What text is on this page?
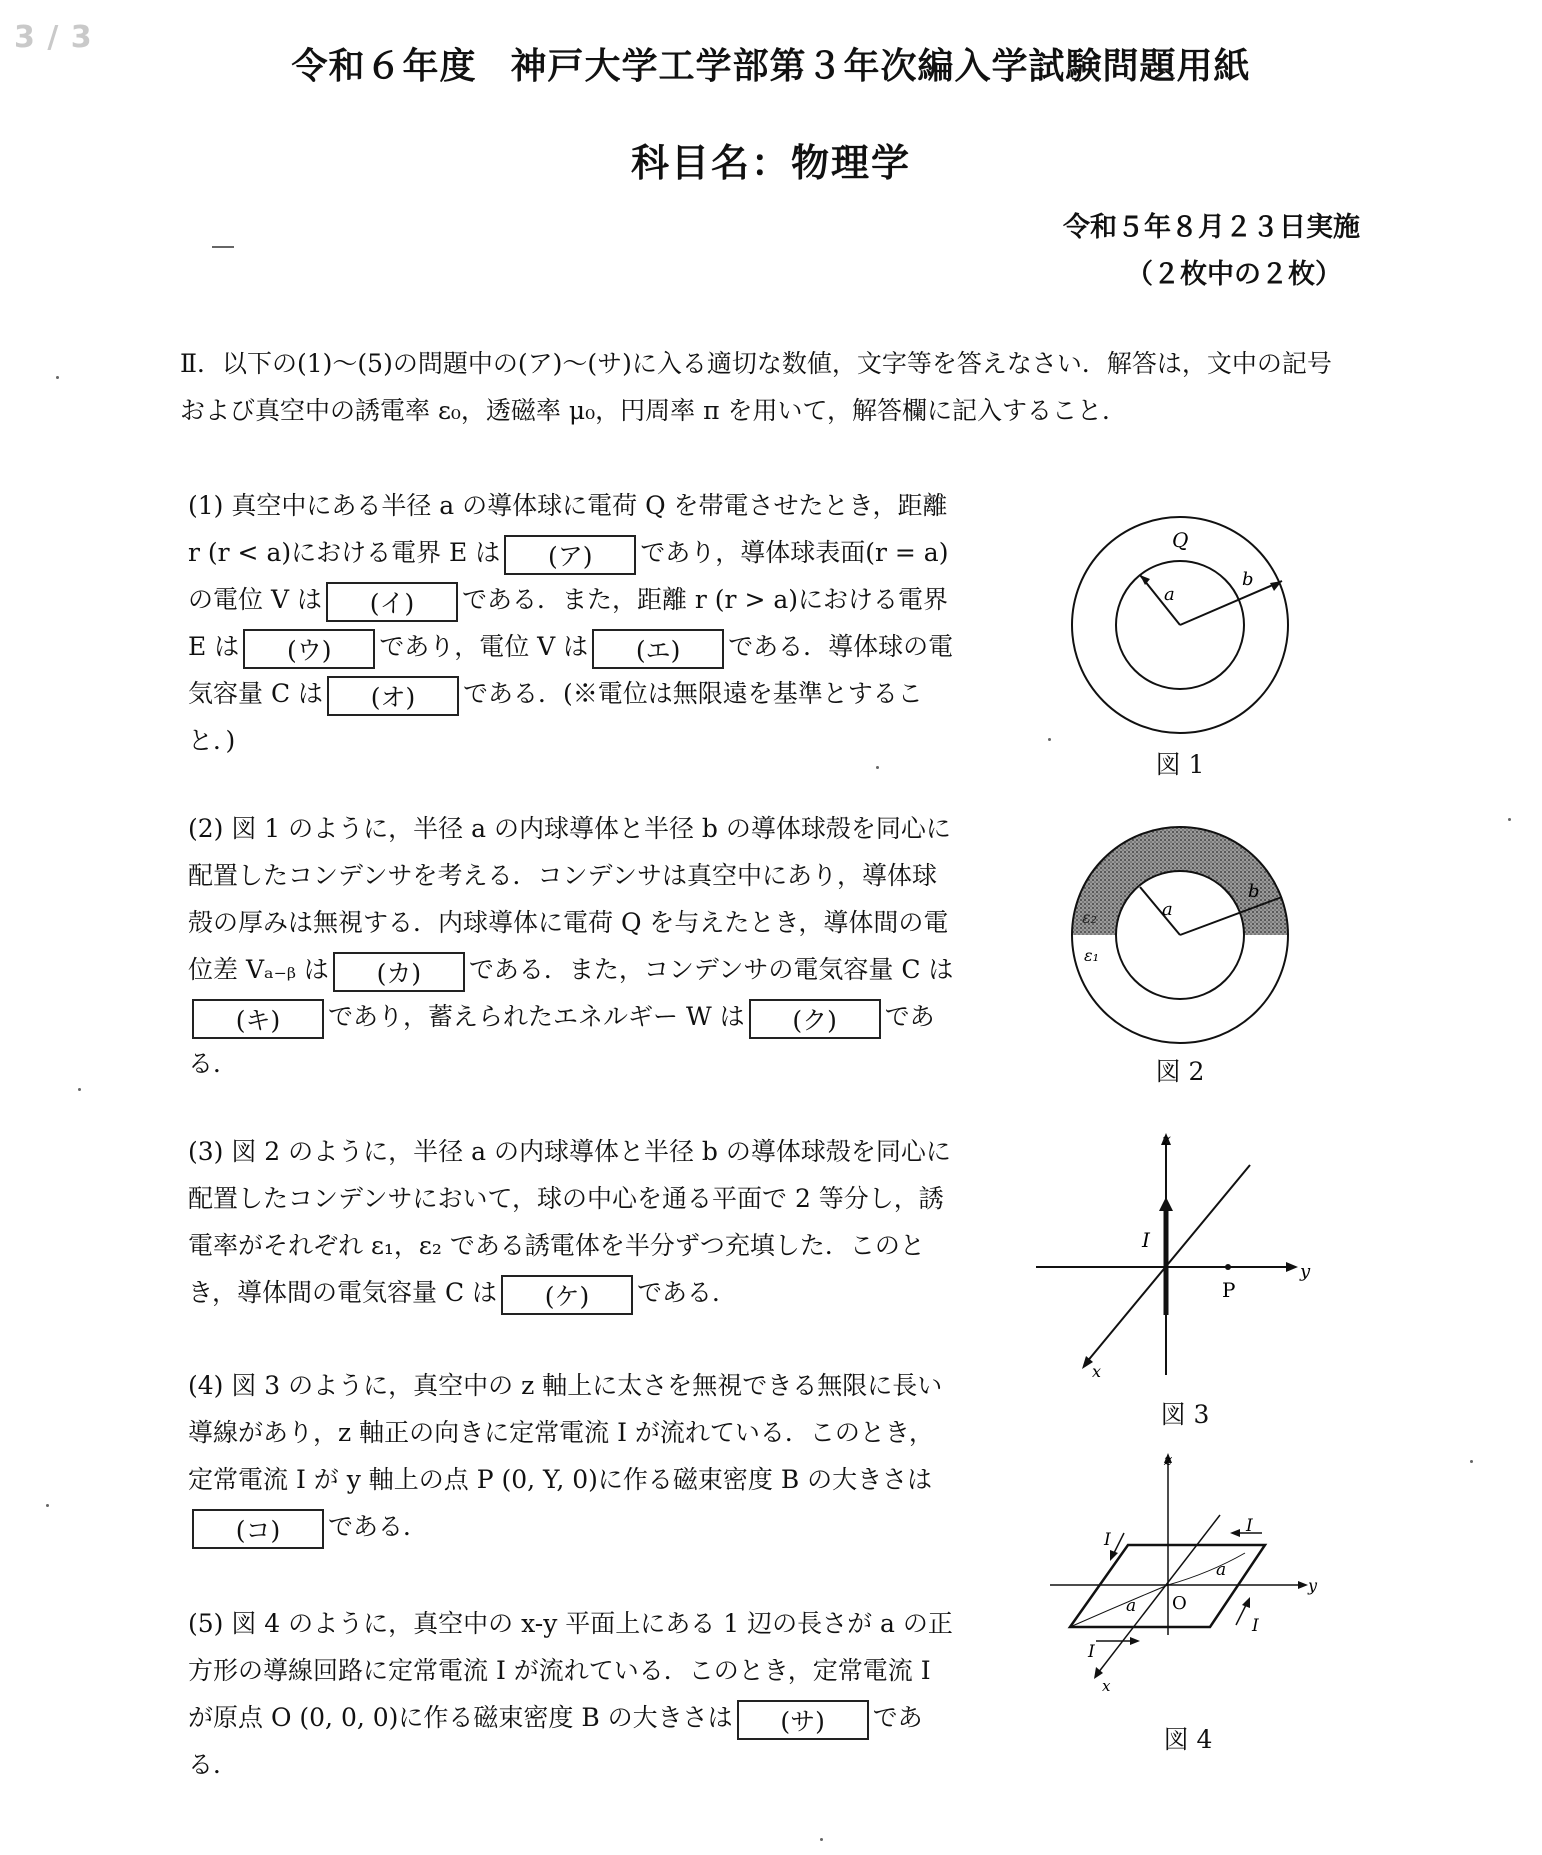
3 / 3
令和６年度 神戸大学工学部第３年次編入学試験問題用紙
科目名：物理学
令和５年８月２３日実施
（２枚中の２枚）
Ⅱ．以下の(1)～(5)の問題中の(ア)～(サ)に入る適切な数値，文字等を答えなさい．解答は，文中の記号および真空中の誘電率 ε₀，透磁率 μ₀，円周率 π を用いて，解答欄に記入すること．
(1) 真空中にある半径 a の導体球に電荷 Q を帯電させたとき，距離 r (r < a)における電界 E は (ア) であり，導体球表面(r = a)の電位 V は (イ) である．また，距離 r (r > a)における電界 E は (ウ) であり，電位 V は (エ) である．導体球の電気容量 C は (オ) である．(※電位は無限遠を基準とすること．)
(2) 図 1 のように，半径 a の内球導体と半径 b の導体球殻を同心に配置したコンデンサを考える．コンデンサは真空中にあり，導体球殻の厚みは無視する．内球導体に電荷 Q を与えたとき，導体間の電位差 Vₐ₋ᵦ は (カ) である．また，コンデンサの電気容量 C は(キ) であり，蓄えられたエネルギー W は (ク) である．
(3) 図 2 のように，半径 a の内球導体と半径 b の導体球殻を同心に配置したコンデンサにおいて，球の中心を通る平面で 2 等分し，誘電率がそれぞれ ε₁，ε₂ である誘電体を半分ずつ充填した．このとき，導体間の電気容量 C は (ケ) である．
(4) 図 3 のように，真空中の z 軸上に太さを無視できる無限に長い導線があり，z 軸正の向きに定常電流 I が流れている．このとき，定常電流 I が y 軸上の点 P (0, Y, 0)に作る磁束密度 B の大きさは(コ) である．
(5) 図 4 のように，真空中の x-y 平面上にある 1 辺の長さが a の正方形の導線回路に定常電流 I が流れている．このとき，定常電流 I が原点 O (0, 0, 0)に作る磁束密度 B の大きさは (サ) である．
Q
a
b
図 1
a
b
ε₂
ε₁
図 2
z
y
x
I
P
図 3
z
y
x
O
a
a
I
I
I
I
図 4
